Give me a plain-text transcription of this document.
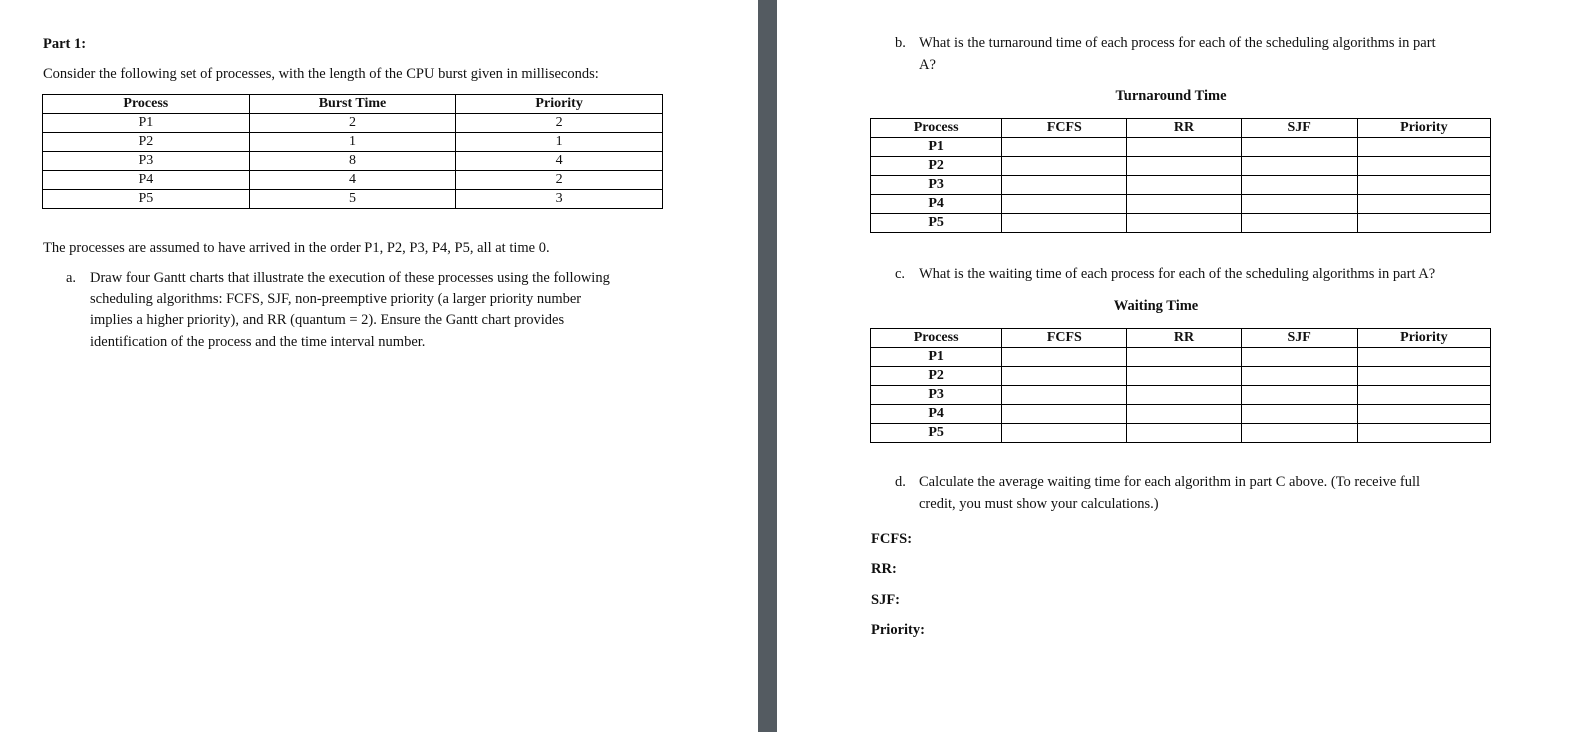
Part 1:
Consider the following set of processes, with the length of the CPU burst given in milliseconds:
Process	Burst Time	Priority
P1	2	2
P2	1	1
P3	8	4
P4	4	2
P5	5	3
The processes are assumed to have arrived in the order P1, P2, P3, P4, P5, all at time 0.
a. Draw four Gantt charts that illustrate the execution of these processes using the following
scheduling algorithms: FCFS, SJF, non-preemptive priority (a larger priority number
implies a higher priority), and RR (quantum = 2). Ensure the Gantt chart provides
identification of the process and the time interval number.
b. What is the turnaround time of each process for each of the scheduling algorithms in part
A?
Turnaround Time
Process	FCFS	RR	SJF	Priority
P1				
P2				
P3				
P4				
P5				
c. What is the waiting time of each process for each of the scheduling algorithms in part A?
Waiting Time
Process	FCFS	RR	SJF	Priority
P1				
P2				
P3				
P4				
P5				
d. Calculate the average waiting time for each algorithm in part C above. (To receive full
credit, you must show your calculations.)
FCFS:
RR:
SJF:
Priority:
